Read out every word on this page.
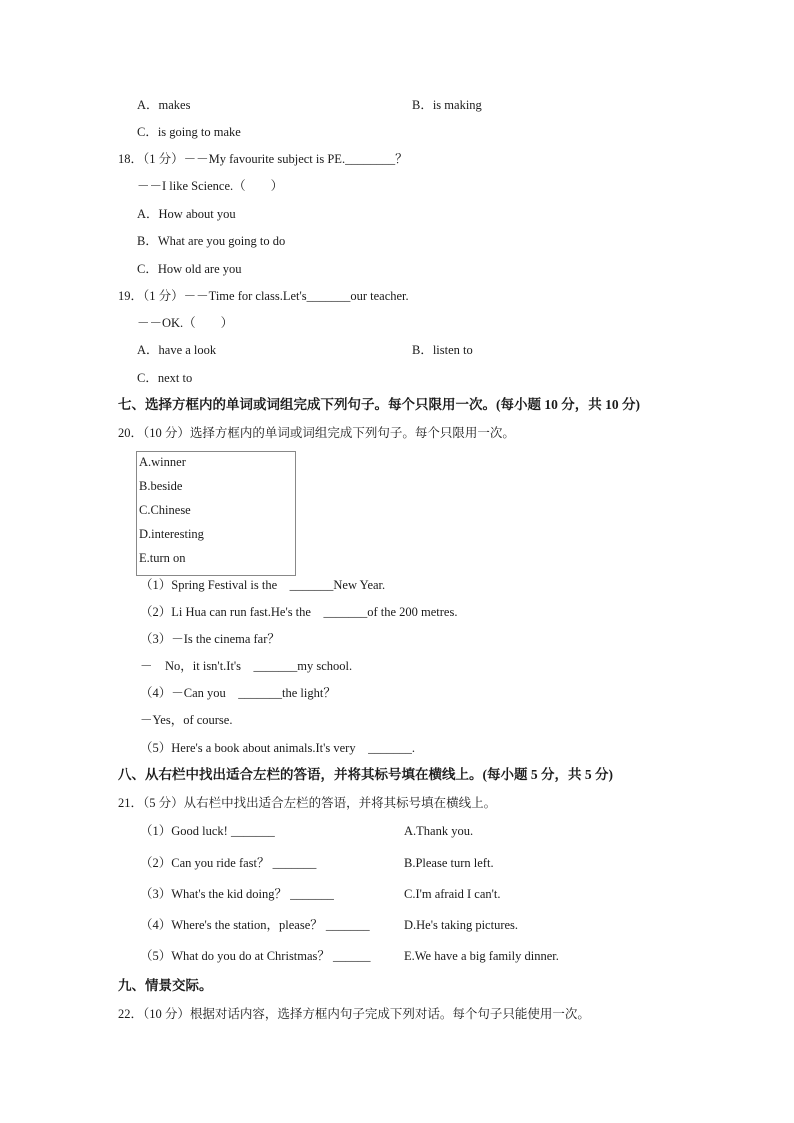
A．makes	B．is making
C．is going to make
18．（1 分）－－My favourite subject is PE.________？
－－I like Science.（　　）
A．How about you
B．What are you going to do
C．How old are you
19．（1 分）－－Time for class.Let's_______our teacher.
－－OK.（　　）
A．have a look	B．listen to
C．next to
七、选择方框内的单词或词组完成下列句子。每个只限用一次。(每小题 10 分，共 10 分)
20．（10 分）选择方框内的单词或词组完成下列句子。每个只限用一次。
A.winner
B.beside
C.Chinese
D.interesting
E.turn on
（1）Spring Festival is the　_______New Year.
（2）Li Hua can run fast.He's the　_______of the 200 metres.
（3）－Is the cinema far？
－　No，it isn't.It's　_______my school.
（4）－Can you　_______the light？
－Yes，of course.
（5）Here's a book about animals.It's very　_______.
八、从右栏中找出适合左栏的答语，并将其标号填在横线上。(每小题 5 分，共 5 分)
21．（5 分）从右栏中找出适合左栏的答语，并将其标号填在横线上。
（1）Good luck! _______	A.Thank you.
（2）Can you ride fast？ _______	B.Please turn left.
（3）What's the kid doing？ _______	C.I'm afraid I can't.
（4）Where's the station，please？ _______	D.He's taking pictures.
（5）What do you do at Christmas？ ______	E.We have a big family dinner.
九、情景交际。
22．（10 分）根据对话内容，选择方框内句子完成下列对话。每个句子只能使用一次。
